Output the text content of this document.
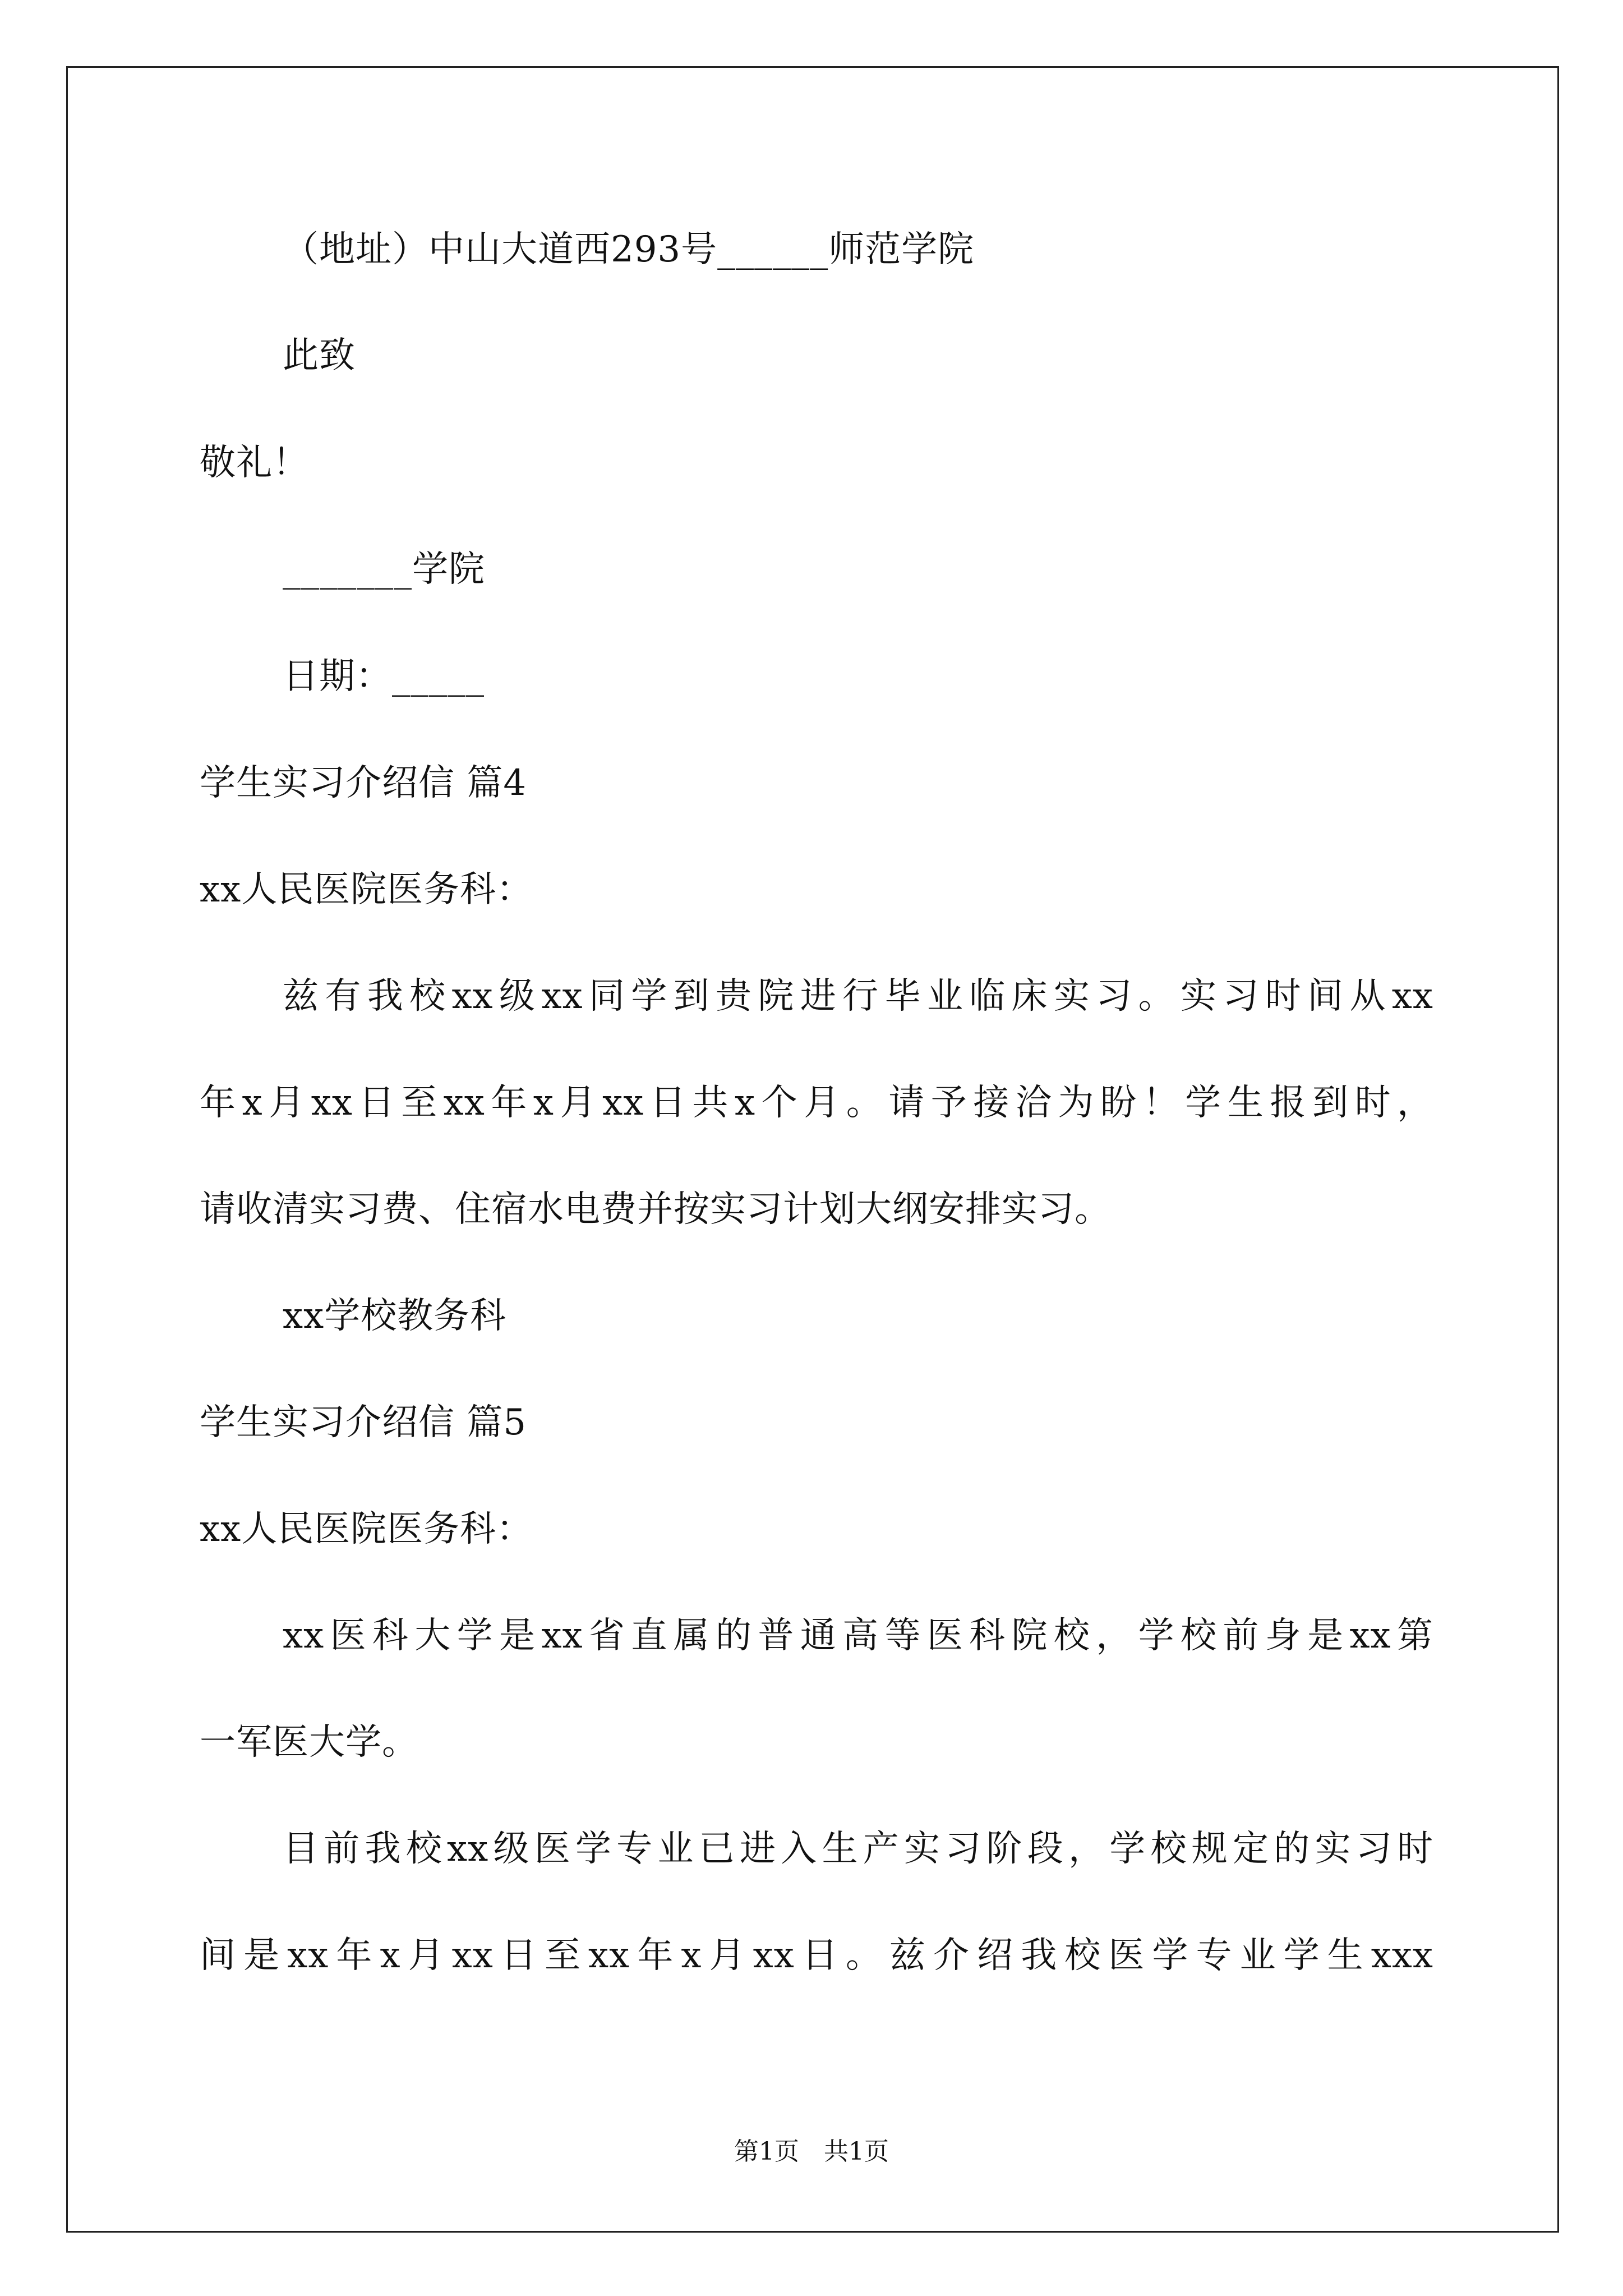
（地址）中山大道西293号______师范学院
此致
敬礼！
_______学院
日期：_____
学生实习介绍信 篇4
xx人民医院医务科：
兹有我校xx级xx同学到贵院进行毕业临床实习。实习时间从xx
年x月xx日至xx年x月xx日共x个月。请予接洽为盼！学生报到时，
请收清实习费、住宿水电费并按实习计划大纲安排实习。
xx学校教务科
学生实习介绍信 篇5
xx人民医院医务科：
xx医科大学是xx省直属的普通高等医科院校，学校前身是xx第
一军医大学。
目前我校xx级医学专业已进入生产实习阶段，学校规定的实习时
间是xx年x月xx日至xx年x月xx日。兹介绍我校医学专业学生xxx
第1页　共1页
